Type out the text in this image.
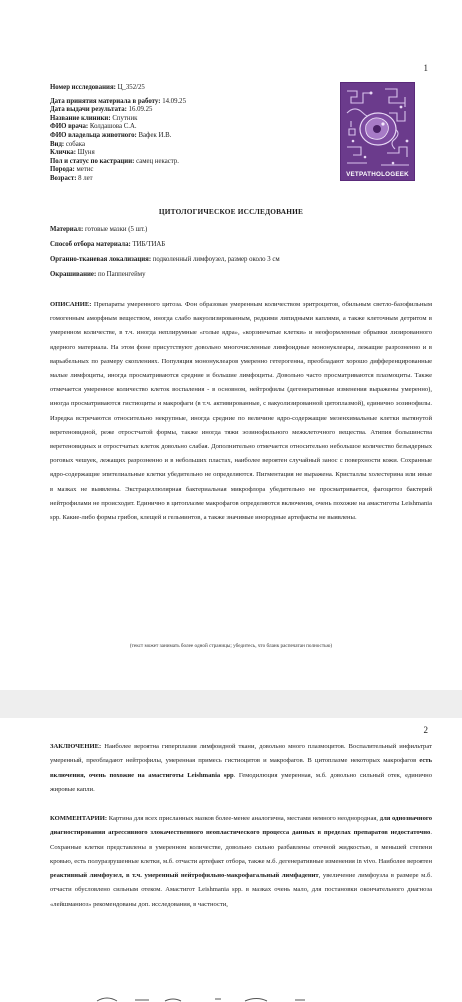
1
Номер исследования: Ц_352/25
Дата принятия материала в работу: 14.09.25
Дата выдачи результата: 16.09.25
Название клиники: Спутник
ФИО врача: Колдашова С.А.
ФИО владельца животного: Вафек И.В.
Вид: собака
Кличка: Шуня
Пол и статус по кастрации: самец некастр.
Порода: метис
Возраст: 8 лет
VETPATHOLOGEEK
ЦИТОЛОГИЧЕСКОЕ ИССЛЕДОВАНИЕ
Материал: готовые мазки (5 шт.)
Способ отбора материала: ТИБ/ТИАБ
Органно-тканевая локализация: подколенный лимфоузел, размер около 3 см
Окрашивание: по Паппенгейму
ОПИСАНИЕ: Препараты умеренного цитоза. Фон образован умеренным количеством эритроцитов, обильным светло-базофильным гомогенным аморфным веществом, иногда слабо вакуолизированным, редкими липидными каплями, а также клеточным детритом в умеренном количестве, в т.ч. иногда неплирумные «голые ядра», «корзинчатые клетки» и неоформленные обрывки лизированного ядерного материала. На этом фоне присутствуют довольно многочисленные лимфоидные мононуклеары, лежащие разрозненно и в варьабельных по размеру скоплениях. Популяция мононуклеаров умеренно гетерогенна, преобладают хорошо дифференцированные малые лимфоциты, иногда просматриваются средние и большие лимфоциты. Довольно часто просматриваются плазмоциты. Также отмечается умеренное количество клеток воспаления - в основном, нейтрофилы (дегенеративные изменения выражены умеренно), иногда просматриваются гистиоциты и макрофаги (в т.ч. активированные, с вакуолизированной цитоплазмой), единично эозинофилы. Изредка встречаются относительно некрупные, иногда средние по величине ядро-содержащие мезенхимальные клетки вытянутой веретеновидной, реже отростчатой формы, также иногда тяжи эозинофильного межклеточного вещества. Атипия большинства веретеновидных и отростчатых клеток довольно слабая. Дополнительно отмечается относительно небольшое количество безъядерных роговых чешуек, лежащих разрозненно и в небольших пластах, наиболее вероятен случайный занос с поверхности кожи. Сохранные ядро-содержащие эпителиальные клетки убедительно не определяются. Пигментация не выражена. Кристаллы холестерина или иные в мазках не выявлены. Экстрацеллюлярная бактериальная микрофлора убедительно не просматривается, фагоцитоз бактерий нейтрофилами не происходит. Единично в цитоплазме макрофагов определяются включения, очень похожие на амастиготы Leishmania spp. Какие-либо формы грибов, клещей и гельминтов, а также значимые инородные артефакты не выявлены.
(текст может занимать более одной страницы; убедитесь, что бланк распечатан полностью)
2
ЗАКЛЮЧЕНИЕ: Наиболее вероятна гиперплазия лимфоидной ткани, довольно много плазмоцитов. Воспалительный инфильтрат умеренный, преобладают нейтрофилы, умеренная примесь гистиоцитов и макрофагов. В цитоплазме некоторых макрофагов есть включения, очень похожие на амастиготы Leishmania spp. Гемодилюция умеренная, м.б. довольно сильный отек, единично жировые капли.
КОММЕНТАРИИ: Картина для всех присланных мазков более-менее аналогична, местами немного неоднородная, для однозначного диагностирования агрессивного злокачественного неопластического процесса данных в пределах препаратов недостаточно. Сохранные клетки представлены в умеренном количестве, довольно сильно разбавлены отечной жидкостью, в меньшей степени кровью, есть полуразрушенные клетки, м.б. отчасти артефакт отбора, также м.б. дегенеративные изменения in vivo. Наиболее вероятен реактивный лимфоузел, в т.ч. умеренный нейтрофильно-макрофагальный лимфаденит, увеличение лимфоузла в размере м.б. отчасти обусловлено сильным отеком. Амастигот Leishmania spp. в мазках очень мало, для постановки окончательного диагноза «лейшманиоз» рекомендованы доп. исследования, в частности,
